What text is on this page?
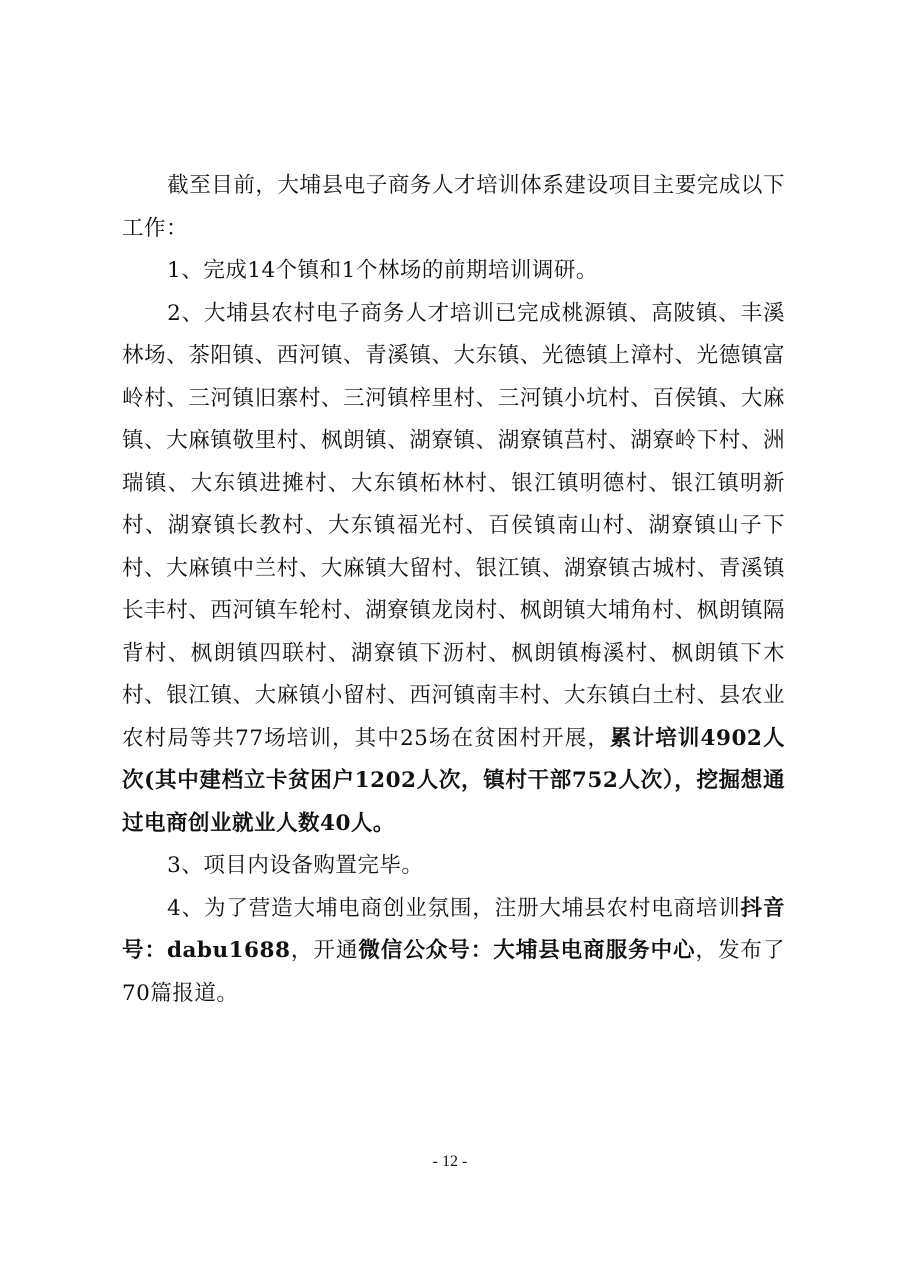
截至目前，大埔县电子商务人才培训体系建设项目主要完成以下工作：

1、完成14个镇和1个林场的前期培训调研。

2、大埔县农村电子商务人才培训已完成桃源镇、高陂镇、丰溪林场、茶阳镇、西河镇、青溪镇、大东镇、光德镇上漳村、光德镇富岭村、三河镇旧寨村、三河镇梓里村、三河镇小坑村、百侯镇、大麻镇、大麻镇敬里村、枫朗镇、湖寮镇、湖寮镇莒村、湖寮岭下村、洲瑞镇、大东镇进摊村、大东镇柘林村、银江镇明德村、银江镇明新村、湖寮镇长教村、大东镇福光村、百侯镇南山村、湖寮镇山子下村、大麻镇中兰村、大麻镇大留村、银江镇、湖寮镇古城村、青溪镇长丰村、西河镇车轮村、湖寮镇龙岗村、枫朗镇大埔角村、枫朗镇隔背村、枫朗镇四联村、湖寮镇下沥村、枫朗镇梅溪村、枫朗镇下木村、银江镇、大麻镇小留村、西河镇南丰村、大东镇白土村、县农业农村局等共77场培训，其中25场在贫困村开展，累计培训4902人次(其中建档立卡贫困户1202人次，镇村干部752人次），挖掘想通过电商创业就业人数40人。

3、项目内设备购置完毕。

4、为了营造大埔电商创业氛围，注册大埔县农村电商培训抖音号：dabu1688，开通微信公众号：大埔县电商服务中心，发布了70篇报道。

- 12 -
